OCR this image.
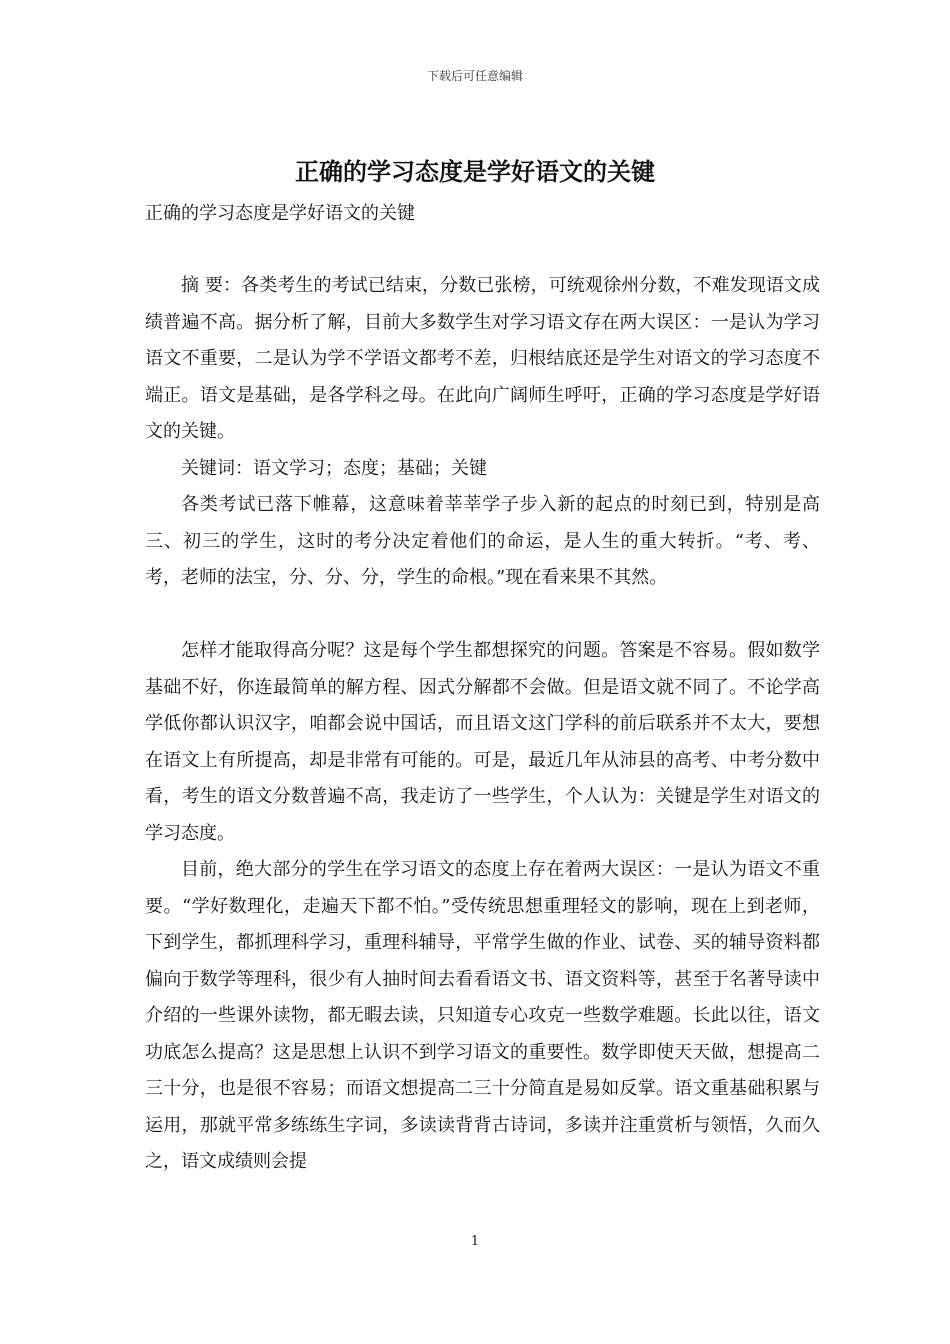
下载后可任意编辑
正确的学习态度是学好语文的关键
正确的学习态度是学好语文的关键

摘 要：各类考生的考试已结束，分数已张榜，可统观徐州分数，不难发现语文成绩普遍不高。据分析了解，目前大多数学生对学习语文存在两大误区：一是认为学习语文不重要，二是认为学不学语文都考不差，归根结底还是学生对语文的学习态度不端正。语文是基础，是各学科之母。在此向广阔师生呼吁，正确的学习态度是学好语文的关键。

关键词：语文学习；态度；基础；关键

各类考试已落下帷幕，这意味着莘莘学子步入新的起点的时刻已到，特别是高三、初三的学生，这时的考分决定着他们的命运，是人生的重大转折。“考、考、考，老师的法宝，分、分、分，学生的命根。”现在看来果不其然。

怎样才能取得高分呢？这是每个学生都想探究的问题。答案是不容易。假如数学基础不好，你连最简单的解方程、因式分解都不会做。但是语文就不同了。不论学高学低你都认识汉字，咱都会说中国话，而且语文这门学科的前后联系并不太大，要想在语文上有所提高，却是非常有可能的。可是，最近几年从沛县的高考、中考分数中看，考生的语文分数普遍不高，我走访了一些学生，个人认为：关键是学生对语文的学习态度。

目前，绝大部分的学生在学习语文的态度上存在着两大误区：一是认为语文不重要。“学好数理化，走遍天下都不怕。”受传统思想重理轻文的影响，现在上到老师，下到学生，都抓理科学习，重理科辅导，平常学生做的作业、试卷、买的辅导资料都偏向于数学等理科，很少有人抽时间去看看语文书、语文资料等，甚至于名著导读中介绍的一些课外读物，都无暇去读，只知道专心攻克一些数学难题。长此以往，语文功底怎么提高？这是思想上认识不到学习语文的重要性。数学即使天天做，想提高二三十分，也是很不容易；而语文想提高二三十分简直是易如反掌。语文重基础积累与运用，那就平常多练练生字词，多读读背背古诗词，多读并注重赏析与领悟，久而久之，语文成绩则会提

1
